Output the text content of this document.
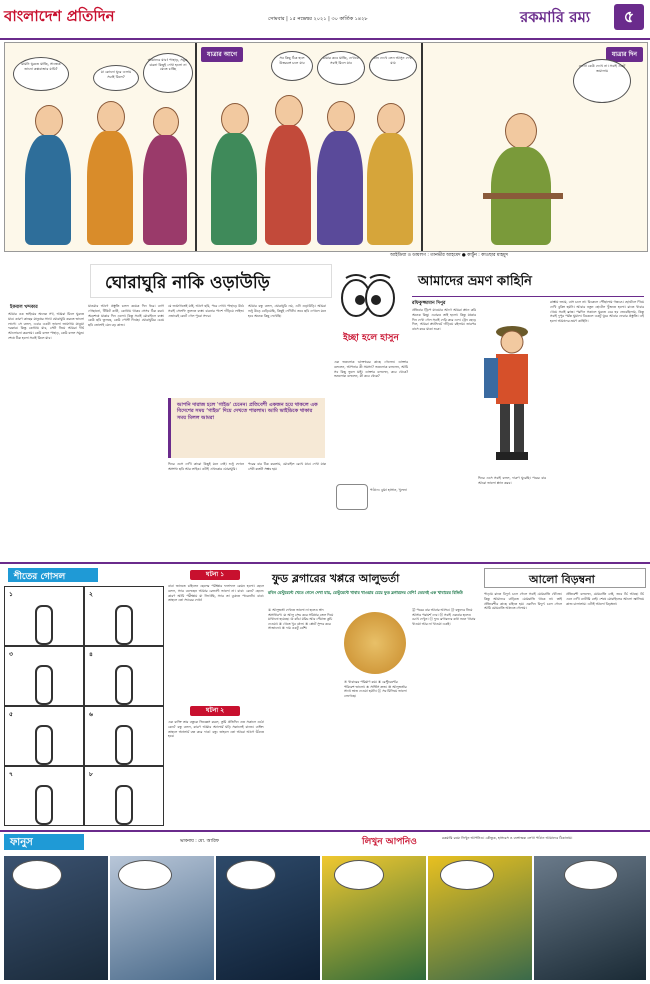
বাংলাদেশ প্রতিদিন	সোমবার | ১৫ নভেম্বর ২০২১ | ৩০ কার্তিক ১৪২৮	রকমারি রম্য	৫
মামনি ঘুরতে যাচ্ছি, সাজেক তানো কক্সবাজার যাবি?
মা কোনো ঘুরে এলাম সবাই মিলে?
আমাদের যাব! পাহাড়, সমুদ্র, ঝরনা কিছুই দেখা হলো না যেতে চাচ্ছি
যাত্রার আগে	সব কিছু ঠিক হলে উত্তরবঙ্গ চলে যাব
মামার কবে যাচ্ছি, দেখবো সবাই মিলে যাব
যান দেখে লেন আসুন দেখা যায়
যাত্রার দিন
দেখো কেউ দেখে না। সবাই একটু জমালাম
আইডিয়া ও ডায়লগ : তানভীর আহমেদ ● কার্টুন : কাওছার মাহমুদ
ঘোরাঘুরি নাকি ওড়াউড়ি
ইকবাল খন্দকার
আমার এক ভাইয়ের অনেক সখ, আমরা মিলে ঘুরতে যাব। কারণ কাছের মানুষের সাথে ঘোরাঘুরি করতে ভালো লাগে। সে বলল, এবার একটা ভালো জায়গায় যাওয়া দরকার। কিন্তু কোথায় যাব, সেটা নিয়ে আমরা দীর্ঘ আলোচনা করলাম। কেউ বলল পাহাড়, কেউ বলল সমুদ্র। শেষে ঠিক হলো সবাই মিলে যাব।
যাওয়ার আগে প্রস্তুতি চলল কয়েক দিন ধরে। ব্যাগ গোছানো, টিকিট কাটা, কোথায় থাকব সেসব ঠিক করা। অবশেষে যাত্রার দিন এলো। কিন্তু সবাই মোবাইলে ব্যস্ত। কেউ ছবি তুলছে, কেউ পোস্ট দিচ্ছে। ঘোরাঘুরির চেয়ে ছবি তোলাই যেন বড় কাজ।
যে জায়গাতেই যাই, আগে ছবি, পরে দেখা। পাহাড়ে উঠে সবাই সেলফি তুলতে ব্যস্ত। ঝরনার পাশে দাঁড়িয়ে লাইভ। এভাবেই কেটে গেল পুরো সফর।
আপনি দারাজ হলে 'গাইড' চেনেন। প্রতিবেশী একজন হয়ে থাকলে এক বিদেশের সময় ‘গাইড’ দিয়ে দেখতে পারলাম। আমি ভাইডিকে থাকার সময় মিলল আমরা
ফিরে এসে দেখি কারো কিছুই মনে নেই। শুধু ফোনে অসংখ্য ছবি আর লাইক। এটাই এখনকার ঘোরাঘুরি।
আমার বন্ধু বলল, ঘোরাঘুরি নয়, এটা ওড়াউড়ি। আমরা শুধু উড়ে বেড়িয়েছি, কিছুই দেখিনি। তবে ছবি দেখলে মনে হবে অনেক কিছু দেখেছি।
পরের বার ঠিক করলাম, মোবাইল রেখে যাব। দেখা যাক সেটা কতটা সম্ভব হয়।
ইচ্ছা হলে হাসুন
এক ভদ্রলোক ডাক্তারের কাছে গেলেন। ডাক্তার বললেন, আপনার কী সমস্যা? ভদ্রলোক বললেন, আমি সব কিছু ভুলে যাই। ডাক্তার বললেন, কবে থেকে? ভদ্রলোক বললেন, কী কবে থেকে?
পাঠান: ঝুমা হাসান, খুলনা
আমাদের ভ্রমণ কাহিনি
রফিকুজ্জামান দিপুর
প্রতিবার ট্রিপে যাওয়ার আগে আমরা প্ল্যান করি অনেক কিছু। এবারও তাই হলো। কিন্তু যাত্রার দিন দেখা গেল সবাই দেরি করে এল। ট্রেন ছেড়ে দিল, আমরা প্ল্যাটফর্মে দাঁড়িয়ে রইলাম। তারপর বাসে করে যাত্রা শুরু।
রাস্তায় জ্যাম, বাস চলে না। বিকেলে পৌঁছালাম গন্তব্যে। হোটেলে গিয়ে দেখি বুকিং হয়নি। আবার নতুন হোটেল খুঁজতে হলো। রাতে খাবার খেয়ে সবাই ক্লান্ত। পরদিন সকালে ঘুরতে বের হব ভেবেছিলাম, কিন্তু সবাই দুপুর পর্যন্ত ঘুমাল। বিকেলে একটু ঘুরে আবার ফেরার প্রস্তুতি। এই হলো আমাদের ভ্রমণ কাহিনি।
ফিরে এসে সবাই বলল, দারুণ ঘুরেছি। পরের বার আরো ভালো প্ল্যান করব।
শীতের গোসল
১	২
৩	৪
৫	৬
৭	৮
ঘটনা ১
বাবা জানতে চাইলেন ছেলের পরীক্ষার ফলাফল কেমন হলো। ছেলে বলল, স্যার বলেছেন আমার রেজাল্ট ভালো না। বাবা: কেন? ছেলে: কারণ আমি পরীক্ষায় যা লিখেছি, স্যার তা বুঝতে পারেননি। বাবা: তাহলে তো স্যারের দোষ!
ঘটনা ২
এক ব্যক্তি তার বন্ধুকে জিজ্ঞেস করল, তুমি প্রতিদিন এত সকালে ওঠো কেন? বন্ধু বলল, কারণ আমার অ্যালার্ম ঘড়ি সকালেই বাজে। ব্যক্তি: তাহলে অ্যালার্ম বন্ধ করে দাও! বন্ধু: তাহলে তো আরো আগে উঠতে হবে।
ফুড ব্লগারের খপ্পরে আলুভর্তা
রবিন রেস্টুরেন্টে খেতে গেলে দেখা যায়, রেস্টুরেন্টে খাবার খাওয়ার চেয়ে ফুড ব্লগারদের বেশি! তেমনই এক খাবারের রিভিউ
① আলুভর্তা দেখতে ভালো না হলেও স্বাদ অসাধারণ। ② আলু সেদ্ধ করে সরিষার তেল দিয়ে মাখানো হয়েছে। ③ কাঁচা মরিচ আর পেঁয়াজ কুচি দেওয়া। ④ খেতে খুব ঝাল। ⑤ প্লেটে সুন্দর করে সাজানো। ⑥ দাম একটু বেশি।
⑦ খাবারের পরিমাণ কম। ⑧ রেস্টুরেন্টের পরিবেশ ভালো। ⑨ সার্ভিস দ্রুত। ⑩ আলুভর্তার সাথে ভাত দেওয়া হয়নি। ⑪ সব মিলিয়ে ভালো লেগেছে।
⑫ পরের বার আবার আসব। ⑬ বন্ধুদের নিয়ে আসার পরামর্শ দেব। ⑭ সবাই একবার হলেও চেখে দেখুন। ⑮ ফুড ব্লগারদের কথা শুনে খাবার খাওয়া আর না খাওয়া একই।
আলো বিড়ম্বনা
পাড়ায় রাতে বিদ্যুৎ চলে গেলে সবাই মোমবাতি খোঁজে। কিন্তু আমাদের বাড়িতে মোমবাতি থাকে না। তাই প্রতিবেশীর কাছে চাইতে হয়। একদিন বিদ্যুৎ চলে গেলে আমি মোমবাতি আনতে গেলাম।
প্রতিবেশী বললেন, মোমবাতি নেই, তবে টর্চ আছে। টর্চ এনে দেখি ব্যাটারি নেই। শেষে মোবাইলের আলো জ্বালিয়ে কাজ চালালাম। এটাই আলো বিড়ম্বনা।
ফানুস	ভাবনায় : মো. আরিফ	লিখুন আপনিও	রকমারি রম্যে লিখুন আপনিও। কৌতুক, হাস্যরস ও ব্যঙ্গাত্মক লেখা পাঠান আমাদের ঠিকানায়।
